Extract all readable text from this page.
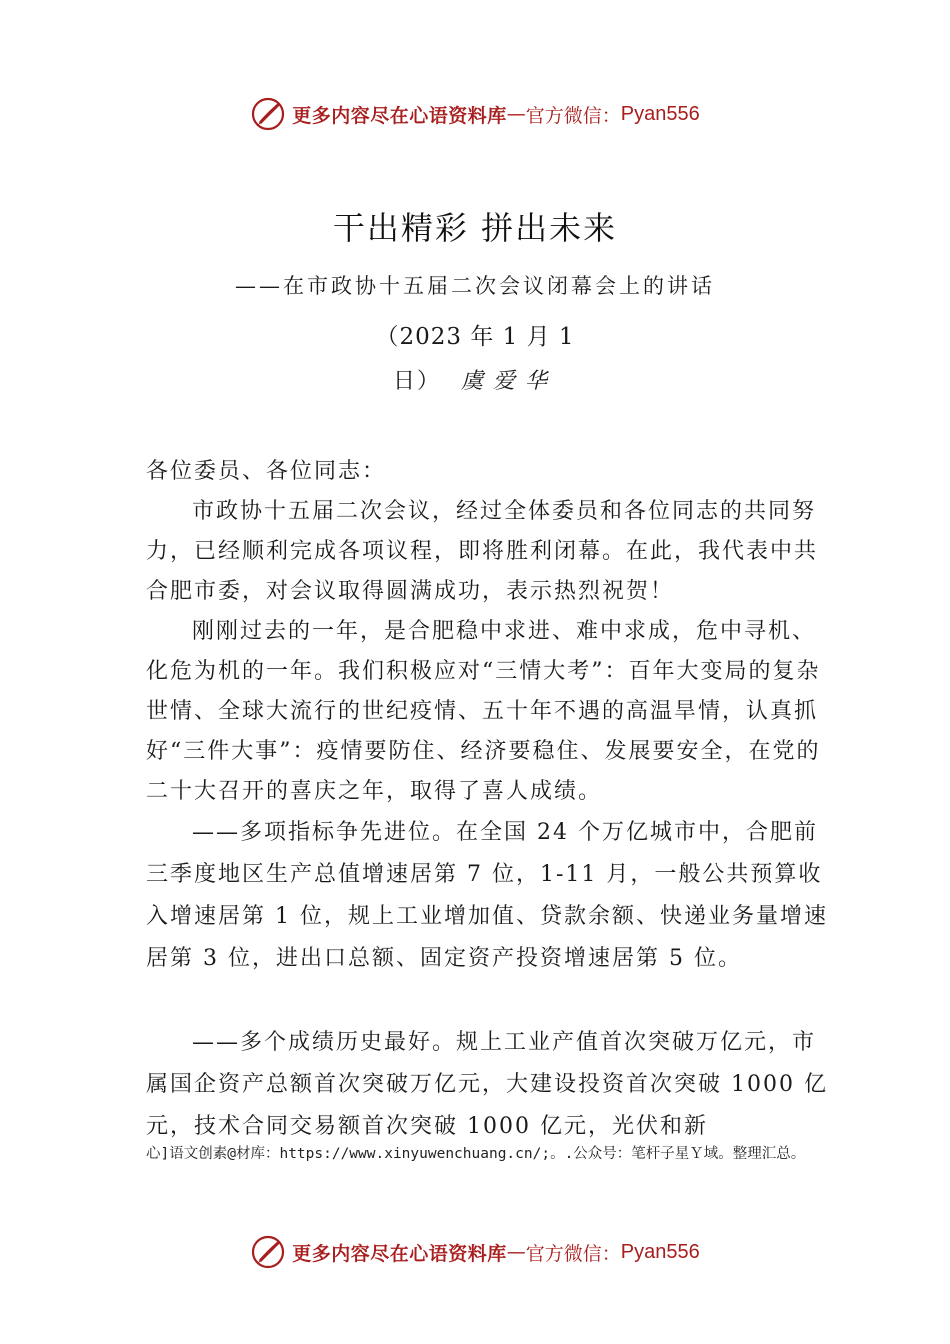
更多内容尽在心语资料库 — 官方微信： Pyan556
干出精彩 拼出未来
——在市政协十五届二次会议闭幕会上的讲话
（2023 年 1 月 1
日） 虞爱华
各位委员、各位同志：

市政协十五届二次会议，经过全体委员和各位同志的共同努力，已经顺利完成各项议程，即将胜利闭幕。在此，我代表中共合肥市委，对会议取得圆满成功，表示热烈祝贺！

刚刚过去的一年，是合肥稳中求进、难中求成，危中寻机、化危为机的一年。我们积极应对“三情大考”：百年大变局的复杂世情、全球大流行的世纪疫情、五十年不遇的高温旱情，认真抓好“三件大事”：疫情要防住、经济要稳住、发展要安全，在党的二十大召开的喜庆之年，取得了喜人成绩。

——多项指标争先进位。在全国 24 个万亿城市中，合肥前三季度地区生产总值增速居第 7 位，1-11 月，一般公共预算收入增速居第 1 位，规上工业增加值、贷款余额、快递业务量增速居第 3 位，进出口总额、固定资产投资增速居第 5 位。

——多个成绩历史最好。规上工业产值首次突破万亿元，市属国企资产总额首次突破万亿元，大建设投资首次突破 1000 亿元，技术合同交易额首次突破 1000 亿元，光伏和新

心]语文创素@材库：https://www.xinyuwenchuang.cn/;。.公众号：笔杆子星Ｙ域。整理汇总。
更多内容尽在心语资料库 — 官方微信： Pyan556
